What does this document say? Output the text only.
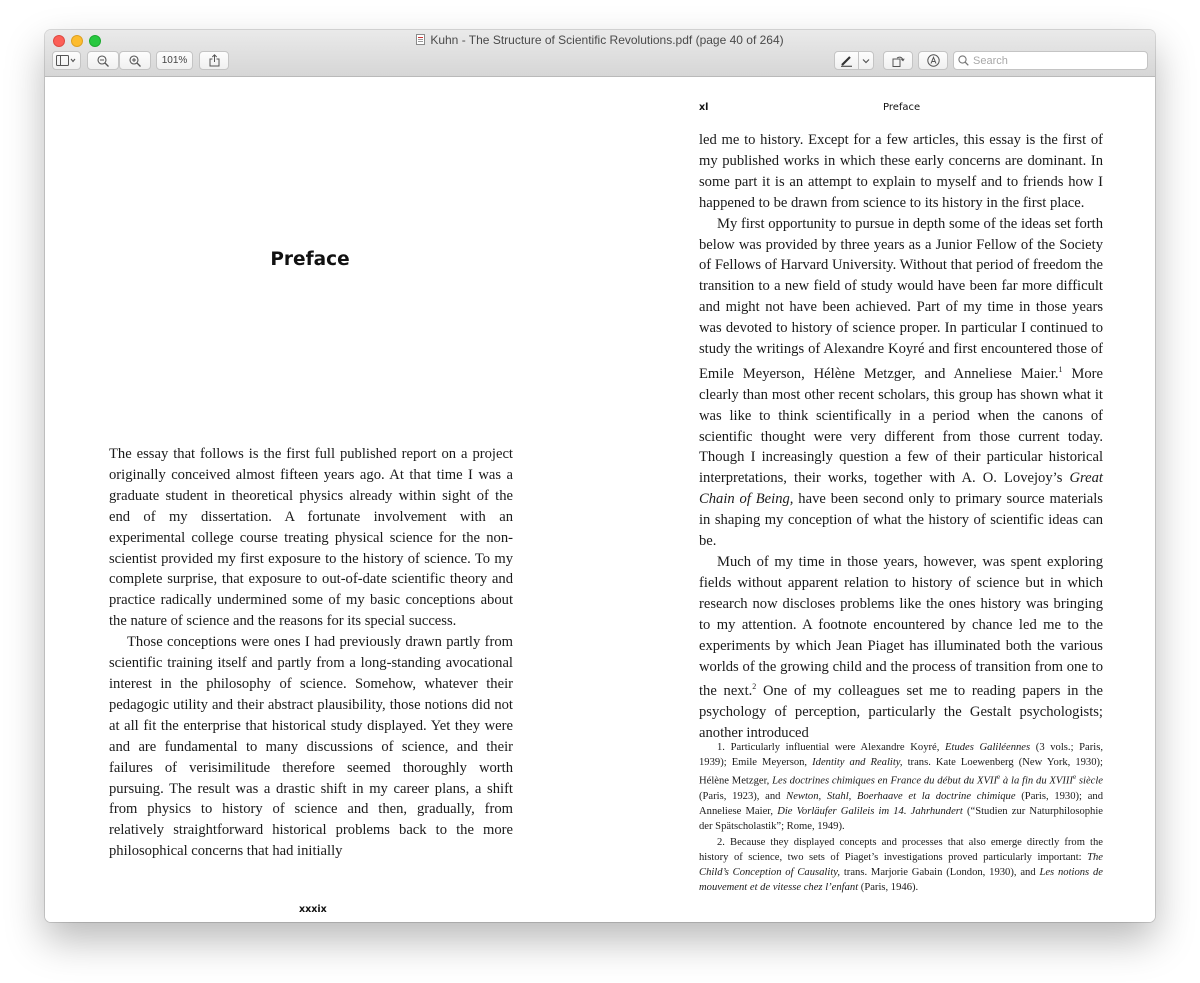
Kuhn - The Structure of Scientific Revolutions.pdf (page 40 of 264)
101%
Search
Preface

The essay that follows is the first full published report on a project originally conceived almost fifteen years ago. At that time I was a graduate student in theoretical physics already within sight of the end of my dissertation. A fortunate involvement with an experimental college course treating physical science for the non-scientist provided my first exposure to the history of science. To my complete surprise, that exposure to out-of-date scientific theory and practice radically undermined some of my basic conceptions about the nature of science and the reasons for its special success.

Those conceptions were ones I had previously drawn partly from scientific training itself and partly from a long-standing avocational interest in the philosophy of science. Somehow, whatever their pedagogic utility and their abstract plausibility, those notions did not at all fit the enterprise that historical study displayed. Yet they were and are fundamental to many discussions of science, and their failures of verisimilitude therefore seemed thoroughly worth pursuing. The result was a drastic shift in my career plans, a shift from physics to history of science and then, gradually, from relatively straightforward historical problems back to the more philosophical concerns that had initially

xxxix
xl	Preface

led me to history. Except for a few articles, this essay is the first of my published works in which these early concerns are dominant. In some part it is an attempt to explain to myself and to friends how I happened to be drawn from science to its history in the first place.

My first opportunity to pursue in depth some of the ideas set forth below was provided by three years as a Junior Fellow of the Society of Fellows of Harvard University. Without that period of freedom the transition to a new field of study would have been far more difficult and might not have been achieved. Part of my time in those years was devoted to history of science proper. In particular I continued to study the writings of Alexandre Koyré and first encountered those of Emile Meyerson, Hélène Metzger, and Anneliese Maier.$^1$ More clearly than most other recent scholars, this group has shown what it was like to think scientifically in a period when the canons of scientific thought were very different from those current today. Though I increasingly question a few of their particular historical interpretations, their works, together with A. O. Lovejoy’s Great Chain of Being, have been second only to primary source materials in shaping my conception of what the history of scientific ideas can be.

Much of my time in those years, however, was spent exploring fields without apparent relation to history of science but in which research now discloses problems like the ones history was bringing to my attention. A footnote encountered by chance led me to the experiments by which Jean Piaget has illuminated both the various worlds of the growing child and the process of transition from one to the next.$^2$ One of my colleagues set me to reading papers in the psychology of perception, particularly the Gestalt psychologists; another introduced

1. Particularly influential were Alexandre Koyré, Etudes Galiléennes (3 vols.; Paris, 1939); Emile Meyerson, Identity and Reality, trans. Kate Loewenberg (New York, 1930); Hélène Metzger, Les doctrines chimiques en France du début du XVIIe à la fin du XVIIIe siècle (Paris, 1923), and Newton, Stahl, Boerhaave et la doctrine chimique (Paris, 1930); and Anneliese Maier, Die Vorläufer Galileis im 14. Jahrhundert (“Studien zur Naturphilosophie der Spätscholastik”; Rome, 1949).

2. Because they displayed concepts and processes that also emerge directly from the history of science, two sets of Piaget’s investigations proved particularly important: The Child’s Conception of Causality, trans. Marjorie Gabain (London, 1930), and Les notions de mouvement et de vitesse chez l’enfant (Paris, 1946).
